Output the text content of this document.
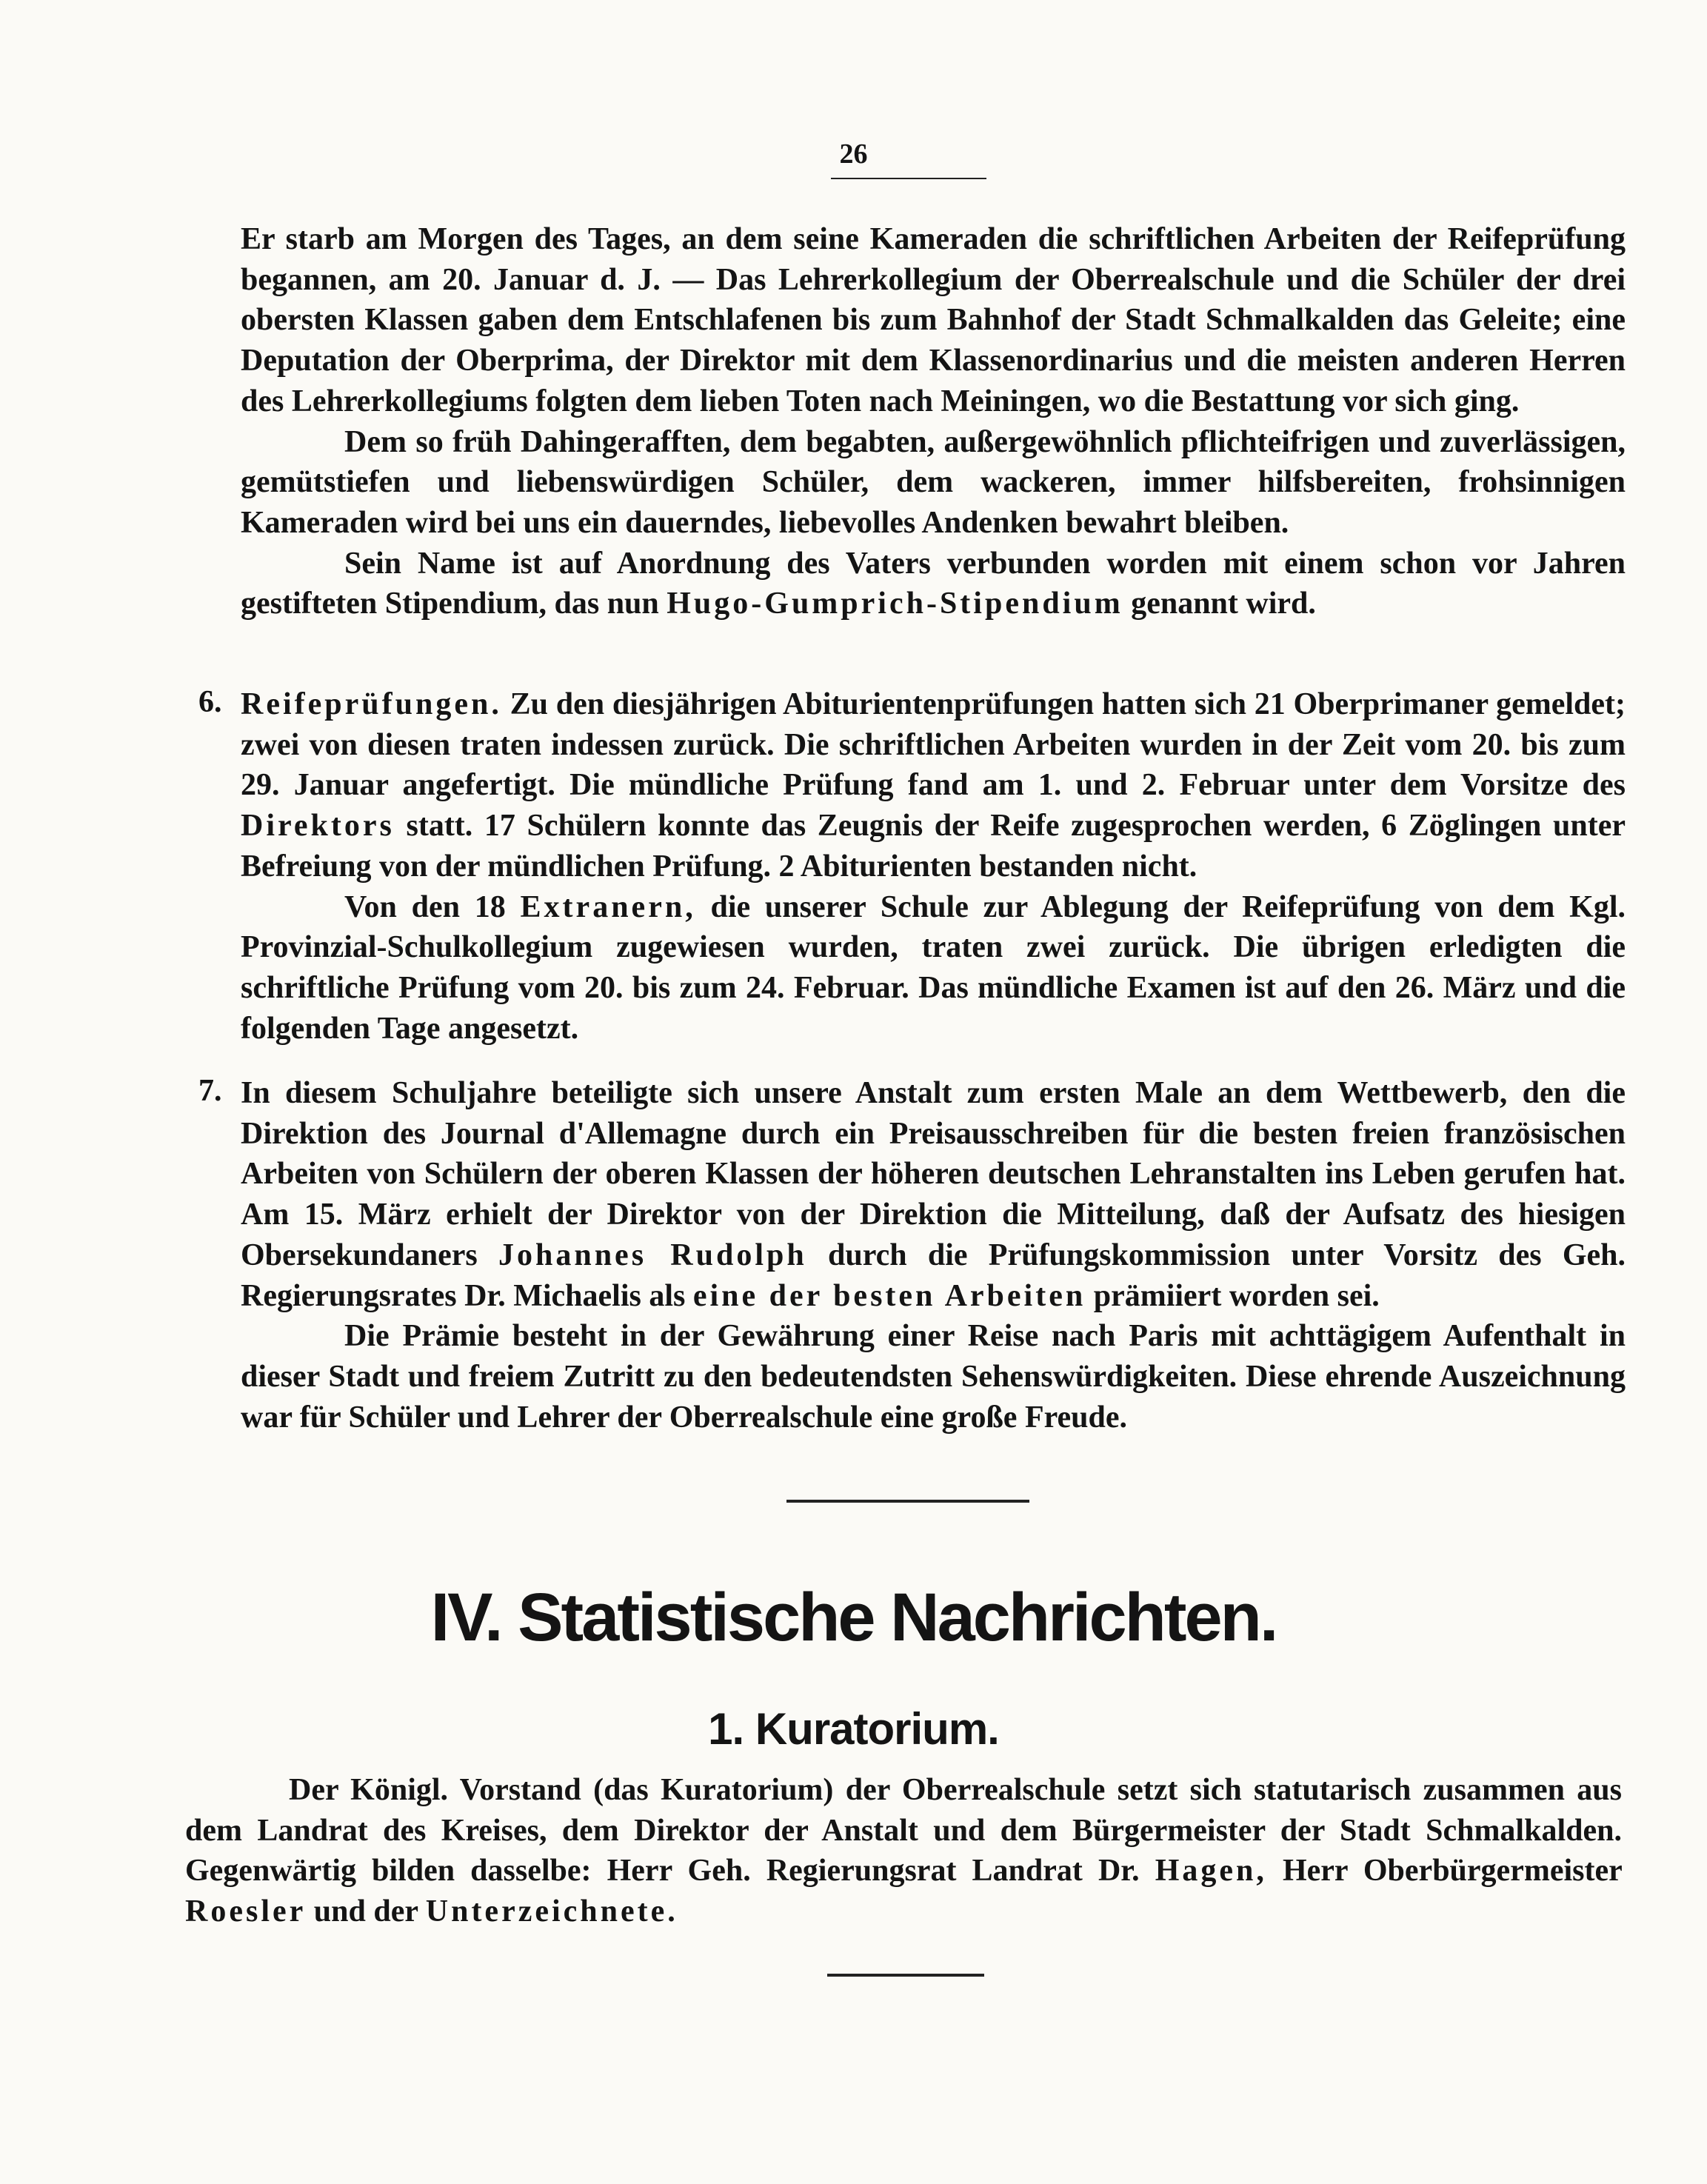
26

Er starb am Morgen des Tages, an dem seine Kameraden die schriftlichen Arbeiten der Reifeprüfung begannen, am 20. Januar d. J. — Das Lehrerkollegium der Oberrealschule und die Schüler der drei obersten Klassen gaben dem Entschlafenen bis zum Bahnhof der Stadt Schmalkalden das Geleite; eine Deputation der Oberprima, der Direktor mit dem Klassenordinarius und die meisten anderen Herren des Lehrerkollegiums folgten dem lieben Toten nach Meiningen, wo die Bestattung vor sich ging.

Dem so früh Dahingerafften, dem begabten, außergewöhnlich pflichteifrigen und zuverlässigen, gemütstiefen und liebenswürdigen Schüler, dem wackeren, immer hilfsbereiten, frohsinnigen Kameraden wird bei uns ein dauerndes, liebevolles Andenken bewahrt bleiben.

Sein Name ist auf Anordnung des Vaters verbunden worden mit einem schon vor Jahren gestifteten Stipendium, das nun Hugo-Gumprich-Stipendium genannt wird.

6. Reifeprüfungen. Zu den diesjährigen Abiturientenprüfungen hatten sich 21 Oberprimaner gemeldet; zwei von diesen traten indessen zurück. Die schriftlichen Arbeiten wurden in der Zeit vom 20. bis zum 29. Januar angefertigt. Die mündliche Prüfung fand am 1. und 2. Februar unter dem Vorsitze des Direktors statt. 17 Schülern konnte das Zeugnis der Reife zugesprochen werden, 6 Zöglingen unter Befreiung von der mündlichen Prüfung. 2 Abiturienten bestanden nicht.

Von den 18 Extranern, die unserer Schule zur Ablegung der Reifeprüfung von dem Kgl. Provinzial-Schulkollegium zugewiesen wurden, traten zwei zurück. Die übrigen erledigten die schriftliche Prüfung vom 20. bis zum 24. Februar. Das mündliche Examen ist auf den 26. März und die folgenden Tage angesetzt.

7. In diesem Schuljahre beteiligte sich unsere Anstalt zum ersten Male an dem Wettbewerb, den die Direktion des Journal d'Allemagne durch ein Preisausschreiben für die besten freien französischen Arbeiten von Schülern der oberen Klassen der höheren deutschen Lehranstalten ins Leben gerufen hat. Am 15. März erhielt der Direktor von der Direktion die Mitteilung, daß der Aufsatz des hiesigen Obersekundaners Johannes Rudolph durch die Prüfungskommission unter Vorsitz des Geh. Regierungsrates Dr. Michaelis als eine der besten Arbeiten prämiiert worden sei.

Die Prämie besteht in der Gewährung einer Reise nach Paris mit achttägigem Aufenthalt in dieser Stadt und freiem Zutritt zu den bedeutendsten Sehenswürdigkeiten. Diese ehrende Auszeichnung war für Schüler und Lehrer der Oberrealschule eine große Freude.

IV. Statistische Nachrichten.
1. Kuratorium.

Der Königl. Vorstand (das Kuratorium) der Oberrealschule setzt sich statutarisch zusammen aus dem Landrat des Kreises, dem Direktor der Anstalt und dem Bürgermeister der Stadt Schmalkalden. Gegenwärtig bilden dasselbe: Herr Geh. Regierungsrat Landrat Dr. Hagen, Herr Oberbürgermeister Roesler und der Unterzeichnete.
